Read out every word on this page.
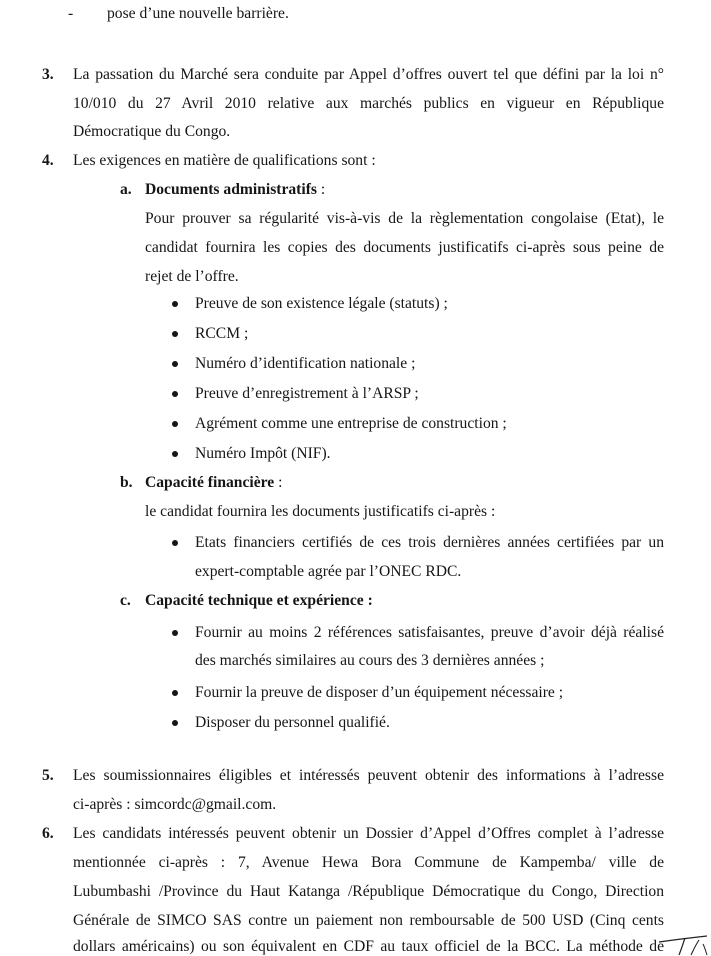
- pose d’une nouvelle barrière.
3. La passation du Marché sera conduite par Appel d’offres ouvert tel que défini par la loi n°
10/010 du 27 Avril 2010 relative aux marchés publics en vigueur en République
Démocratique du Congo.
4. Les exigences en matière de qualifications sont :
a. Documents administratifs :
Pour prouver sa régularité vis-à-vis de la règlementation congolaise (Etat), le
candidat fournira les copies des documents justificatifs ci-après sous peine de
rejet de l’offre.
Preuve de son existence légale (statuts) ;
RCCM ;
Numéro d’identification nationale ;
Preuve d’enregistrement à l’ARSP ;
Agrément comme une entreprise de construction ;
Numéro Impôt (NIF).
b. Capacité financière :
le candidat fournira les documents justificatifs ci-après :
Etats financiers certifiés de ces trois dernières années certifiées par un
expert-comptable agrée par l’ONEC RDC.
c. Capacité technique et expérience :
Fournir au moins 2 références satisfaisantes, preuve d’avoir déjà réalisé
des marchés similaires au cours des 3 dernières années ;
Fournir la preuve de disposer d’un équipement nécessaire ;
Disposer du personnel qualifié.
5. Les soumissionnaires éligibles et intéressés peuvent obtenir des informations à l’adresse
ci-après : simcordc@gmail.com.
6. Les candidats intéressés peuvent obtenir un Dossier d’Appel d’Offres complet à l’adresse
mentionnée ci-après : 7, Avenue Hewa Bora Commune de Kampemba/ ville de
Lubumbashi /Province du Haut Katanga /République Démocratique du Congo, Direction
Générale de SIMCO SAS contre un paiement non remboursable de 500 USD (Cinq cents
dollars américains) ou son équivalent en CDF au taux officiel de la BCC. La méthode de
